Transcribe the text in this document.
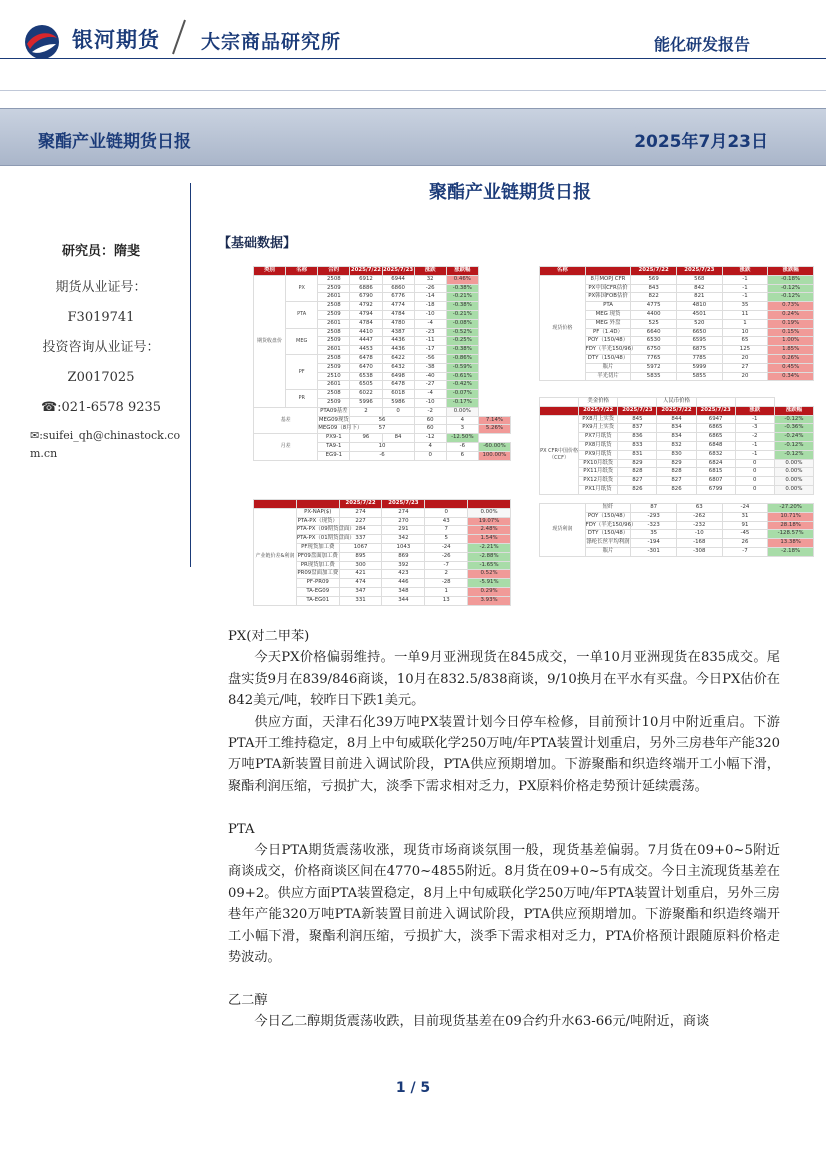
银河期货 大宗商品研究所	能化研发报告
聚酯产业链期货日报	2025年7月23日
研究员：隋斐
期货从业证号：
F3019741
投资咨询从业证号：
Z0017025
☎:021-6578 9235
✉:suifei_qh@chinastock.com.cn
聚酯产业链期货日报
【基础数据】
类别	名称	合约	2025/7/22	2025/7/23	涨跌	涨跌幅	
期货收盘价	PX	2508	6912	6944	32	0.46%	
		2509	6886	6860	-26	-0.38%	
		2601	6790	6776	-14	-0.21%	
	PTA	2508	4792	4774	-18	-0.38%	
		2509	4794	4784	-10	-0.21%	
		2601	4784	4780	-4	-0.08%	
	MEG	2508	4410	4387	-23	-0.52%	
		2509	4447	4436	-11	-0.25%	
		2601	4453	4436	-17	-0.38%	
	PF	2508	6478	6422	-56	-0.86%	
		2509	6470	6432	-38	-0.59%	
		2510	6538	6498	-40	-0.61%	
		2601	6505	6478	-27	-0.42%	
	PR	2508	6022	6018	-4	-0.07%	
		2509	5996	5986	-10	-0.17%	
基差		PTA09基差	2	0	-2	0.00%	
		MEG09现货	56		60	4	7.14%
		MEG09（8月下）	57		60	3	5.26%
月差		PX9-1	96	84	-12	-12.50%	
		TA9-1	10		4	-6	-60.00%
		EG9-1	-6		0	6	100.00%
		2025/7/22	2025/7/23		
产业链价差&利润	PX-NAP($)	274	274	0	0.00%
	PTA-PX（现货）	227	270	43	19.07%
	PTA-PX（09期货盘面）	284	291	7	2.48%
	PTA-PX（01期货盘面）	337	342	5	1.54%
	PF现货加工费	1067	1043	-24	-2.21%
	PF09盘面加工费	895	869	-26	-2.88%
	PR现货加工费	300	392	-7	-1.65%
	PR09盘面加工费	421	423	2	0.52%
	PF-PR09	474	446	-28	-5.91%
	TA-EG09	347	348	1	0.29%
	TA-EG01	331	344	13	3.93%
名称		2025/7/22	2025/7/23	涨跌	涨跌幅
现货价格	8月MOPJ CFR	569	568	-1	-0.18%
	PX中国CFR估价	843	842	-1	-0.12%
	PX韩国FOB估价	822	821	-1	-0.12%
	PTA	4775	4810	35	0.73%
	MEG 现货	4400	4501	11	0.24%
	MEG 外盘	525	520	1	0.19%
	PF（1.4D）	6640	6650	10	0.15%
	POY（150/48）	6530	6595	65	1.00%
	FDY（半光150/96）	6750	6875	125	1.85%
	DTY（150/48）	7765	7785	20	0.26%
	瓶片	5972	5999	27	0.45%
	半光切片	5835	5855	20	0.34%
	美金价格		人民币价格			
	2025/7/22	2025/7/23	2025/7/22	2025/7/23	涨跌	涨跌幅
PX CFR中国价格（CCF）	PX8月上实货	845	844	6947	-1	-0.12%
	PX9月上实货	837	834	6865	-3	-0.36%
	PX7月纸货	836	834	6865	-2	-0.24%
	PX8月纸货	833	832	6848	-1	-0.12%
	PX9月纸货	831	830	6832	-1	-0.12%
	PX10月纸货	829	829	6824	0	0.00%
	PX11月纸货	828	828	6815	0	0.00%
	PX12月纸货	827	827	6807	0	0.00%
	PX1月纸货	826	826	6799	0	0.00%
现货利润	短纤	87	63	-24	-27.20%
	POY（150/48）	-293	-262	31	10.71%
	FDY（半光150/96）	-323	-232	91	28.18%
	DTY（150/48）	35	-10	-45	-128.57%
	涤纶长丝平均利润	-194	-168	26	13.38%
	瓶片	-301	-308	-7	-2.18%

PX(对二甲苯)

今天PX价格偏弱维持。一单9月亚洲现货在845成交，一单10月亚洲现货在835成交。尾盘实货9月在839/846商谈，10月在832.5/838商谈，9/10换月在平水有买盘。今日PX估价在842美元/吨，较昨日下跌1美元。

供应方面，天津石化39万吨PX装置计划今日停车检修，目前预计10月中附近重启。下游PTA开工维持稳定，8月上中旬威联化学250万吨/年PTA装置计划重启，另外三房巷年产能320万吨PTA新装置目前进入调试阶段，PTA供应预期增加。下游聚酯和织造终端开工小幅下滑，聚酯利润压缩，亏损扩大，淡季下需求相对乏力，PX原料价格走势预计延续震荡。

PTA

今日PTA期货震荡收涨，现货市场商谈氛围一般，现货基差偏弱。7月货在09+0~5附近商谈成交，价格商谈区间在4770~4855附近。8月货在09+0~5有成交。今日主流现货基差在09+2。供应方面PTA装置稳定，8月上中旬威联化学250万吨/年PTA装置计划重启，另外三房巷年产能320万吨PTA新装置目前进入调试阶段，PTA供应预期增加。下游聚酯和织造终端开工小幅下滑，聚酯利润压缩，亏损扩大，淡季下需求相对乏力，PTA价格预计跟随原料价格走势波动。

乙二醇

今日乙二醇期货震荡收跌，目前现货基差在09合约升水63-66元/吨附近，商谈

1 / 5
